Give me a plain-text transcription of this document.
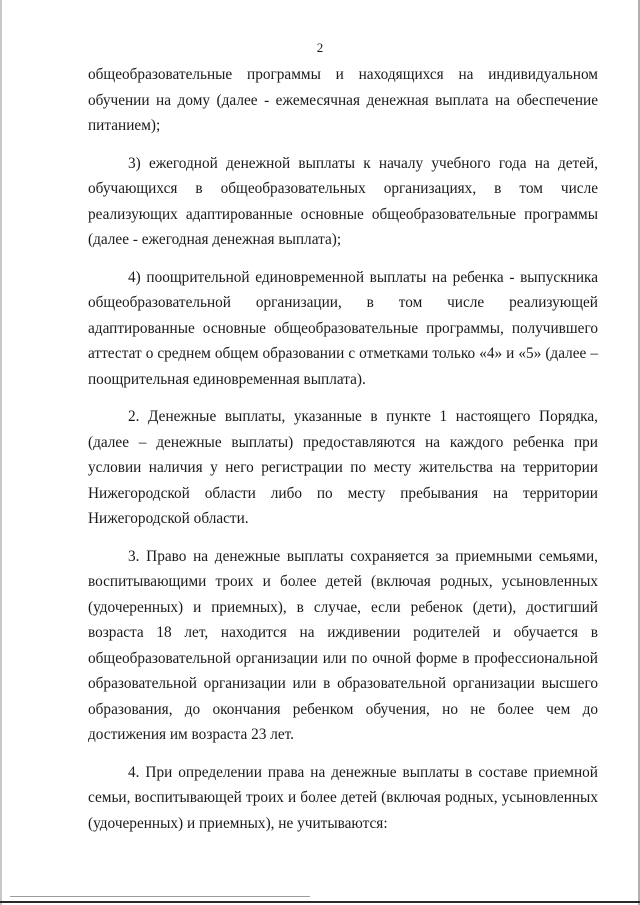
2

общеобразовательные программы и находящихся на индивидуальном обучении на дому (далее - ежемесячная денежная выплата на обеспечение питанием);

3) ежегодной денежной выплаты к началу учебного года на детей, обучающихся в общеобразовательных организациях, в том числе реализующих адаптированные основные общеобразовательные программы (далее - ежегодная денежная выплата);

4) поощрительной единовременной выплаты на ребенка - выпускника общеобразовательной организации, в том числе реализующей адаптированные основные общеобразовательные программы, получившего аттестат о среднем общем образовании с отметками только «4» и «5» (далее – поощрительная единовременная выплата).

2. Денежные выплаты, указанные в пункте 1 настоящего Порядка, (далее – денежные выплаты) предоставляются на каждого ребенка при условии наличия у него регистрации по месту жительства на территории Нижегородской области либо по месту пребывания на территории Нижегородской области.

3. Право на денежные выплаты сохраняется за приемными семьями, воспитывающими троих и более детей (включая родных, усыновленных (удочеренных) и приемных), в случае, если ребенок (дети), достигший возраста 18 лет, находится на иждивении родителей и обучается в общеобразовательной организации или по очной форме в профессиональной образовательной организации или в образовательной организации высшего образования, до окончания ребенком обучения, но не более чем до достижения им возраста 23 лет.

4. При определении права на денежные выплаты в составе приемной семьи, воспитывающей троих и более детей (включая родных, усыновленных (удочеренных) и приемных), не учитываются:
